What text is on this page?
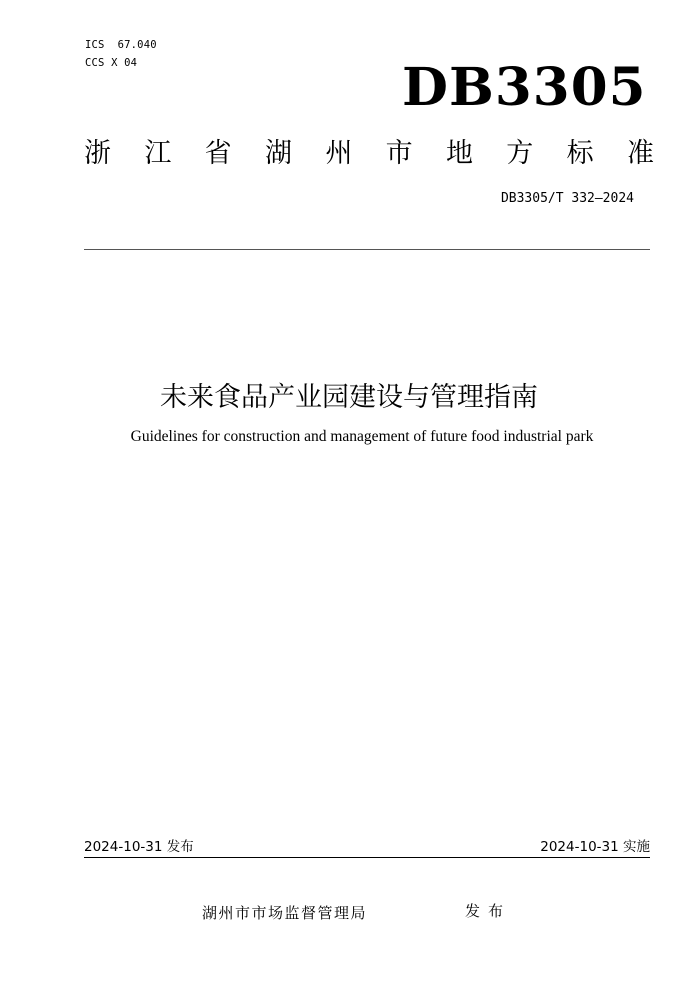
ICS  67.040
CCS X 04	DB3305
浙 江 省 湖 州 市 地 方 标 准
DB3305/T 332—2024
未来食品产业园建设与管理指南
Guidelines for construction and management of future food industrial park
2024-10-31 发布	2024-10-31 实施
湖州市市场监督管理局	发布
